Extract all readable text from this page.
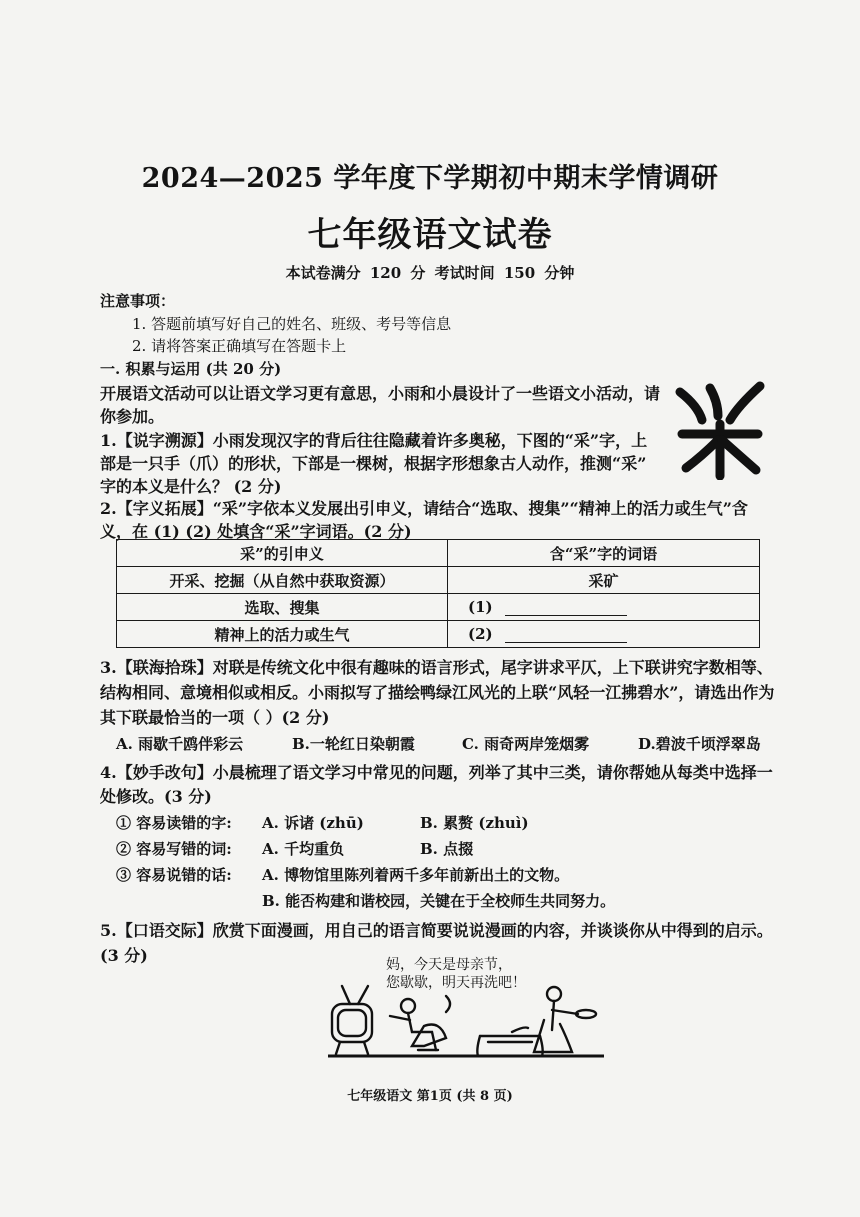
2024—2025 学年度下学期初中期末学情调研
七年级语文试卷
本试卷满分 120 分 考试时间 150 分钟
注意事项：
1. 答题前填写好自己的姓名、班级、考号等信息
2. 请将答案正确填写在答题卡上
一. 积累与运用 (共 20 分)
开展语文活动可以让语文学习更有意思，小雨和小晨设计了一些语文小活动，请
你参加。
1.【说字溯源】小雨发现汉字的背后往往隐藏着许多奥秘，下图的“采”字，上
部是一只手（爪）的形状，下部是一棵树，根据字形想象古人动作，推测“采”
字的本义是什么？ (2 分)
2.【字义拓展】“采”字依本义发展出引申义，请结合“选取、搜集”“精神上的活力或生气”含
义，在 (1) (2) 处填含“采”字词语。(2 分)
采”的引申义	含“采”字的词语
开采、挖掘（从自然中获取资源）	采矿
选取、搜集	(1)
精神上的活力或生气	(2)
3.【联海拾珠】对联是传统文化中很有趣味的语言形式，尾字讲求平仄，上下联讲究字数相等、
结构相同、意境相似或相反。小雨拟写了描绘鸭绿江风光的上联“风轻一江拂碧水”，请选出作为
其下联最恰当的一项（ ）(2 分)
A. 雨歇千鸥伴彩云	B.一轮红日染朝霞	C. 雨奇两岸笼烟雾	D.碧波千顷浮翠岛
4.【妙手改句】小晨梳理了语文学习中常见的问题，列举了其中三类，请你帮她从每类中选择一
处修改。(3 分)
① 容易读错的字: A. 诉诸 (zhū)	B. 累赘 (zhuì)
② 容易写错的词: A. 千均重负	B. 点掇
③ 容易说错的话: A. 博物馆里陈列着两千多年前新出土的文物。
B. 能否构建和谐校园，关键在于全校师生共同努力。
5.【口语交际】欣赏下面漫画，用自己的语言简要说说漫画的内容，并谈谈你从中得到的启示。
(3 分)	妈，今天是母亲节，
您歇歇，明天再洗吧！
七年级语文 第1页 (共 8 页)
